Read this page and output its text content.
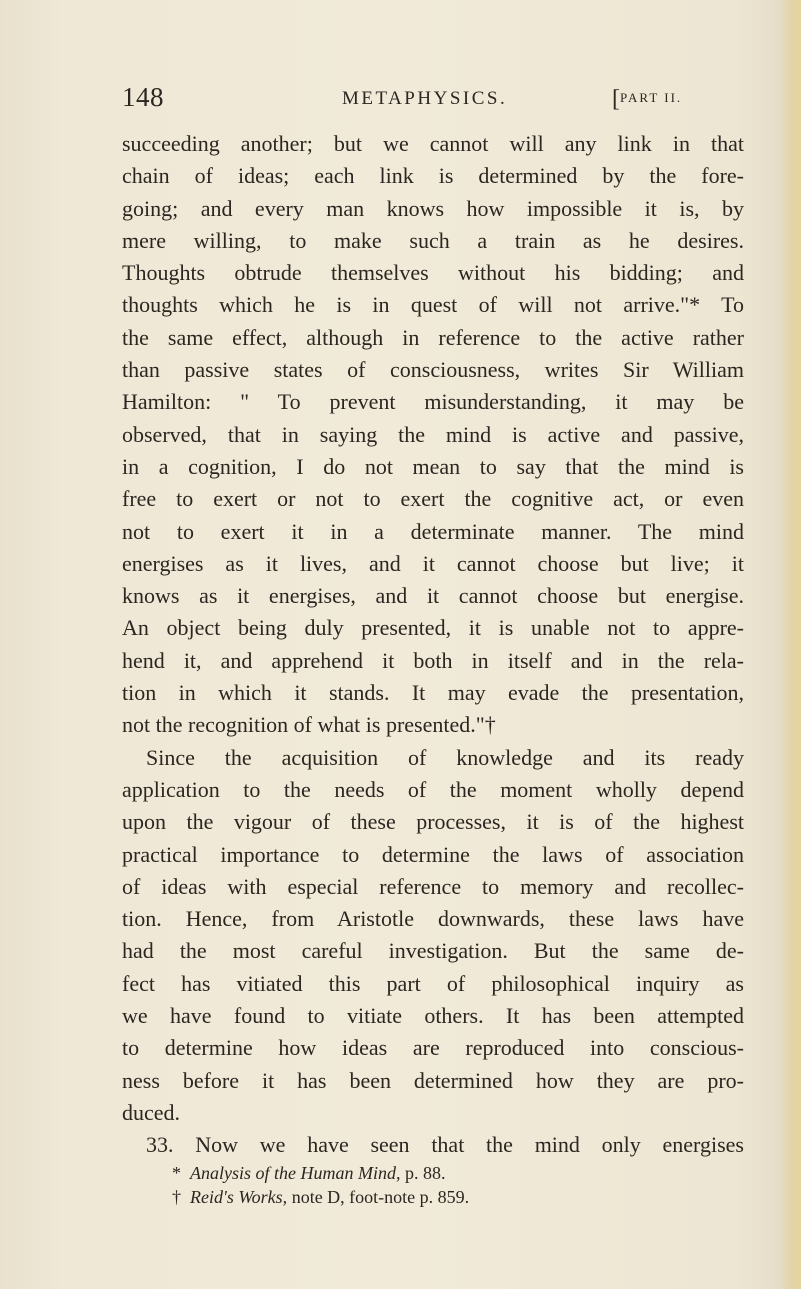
148	METAPHYSICS.	[$^{PART II.}$
succeeding another; but we cannot will any link in that
chain of ideas; each link is determined by the fore-
going; and every man knows how impossible it is, by
mere willing, to make such a train as he desires.
Thoughts obtrude themselves without his bidding; and
thoughts which he is in quest of will not arrive."* To
the same effect, although in reference to the active rather
than passive states of consciousness, writes Sir William
Hamilton: " To prevent misunderstanding, it may be
observed, that in saying the mind is active and passive,
in a cognition, I do not mean to say that the mind is
free to exert or not to exert the cognitive act, or even
not to exert it in a determinate manner. The mind
energises as it lives, and it cannot choose but live; it
knows as it energises, and it cannot choose but energise.
An object being duly presented, it is unable not to appre-
hend it, and apprehend it both in itself and in the rela-
tion in which it stands. It may evade the presentation,
not the recognition of what is presented."†
Since the acquisition of knowledge and its ready
application to the needs of the moment wholly depend
upon the vigour of these processes, it is of the highest
practical importance to determine the laws of association
of ideas with especial reference to memory and recollec-
tion. Hence, from Aristotle downwards, these laws have
had the most careful investigation. But the same de-
fect has vitiated this part of philosophical inquiry as
we have found to vitiate others. It has been attempted
to determine how ideas are reproduced into conscious-
ness before it has been determined how they are pro-
duced.
33. Now we have seen that the mind only energises
* Analysis of the Human Mind, p. 88.
† Reid's Works, note D, foot-note p. 859.
